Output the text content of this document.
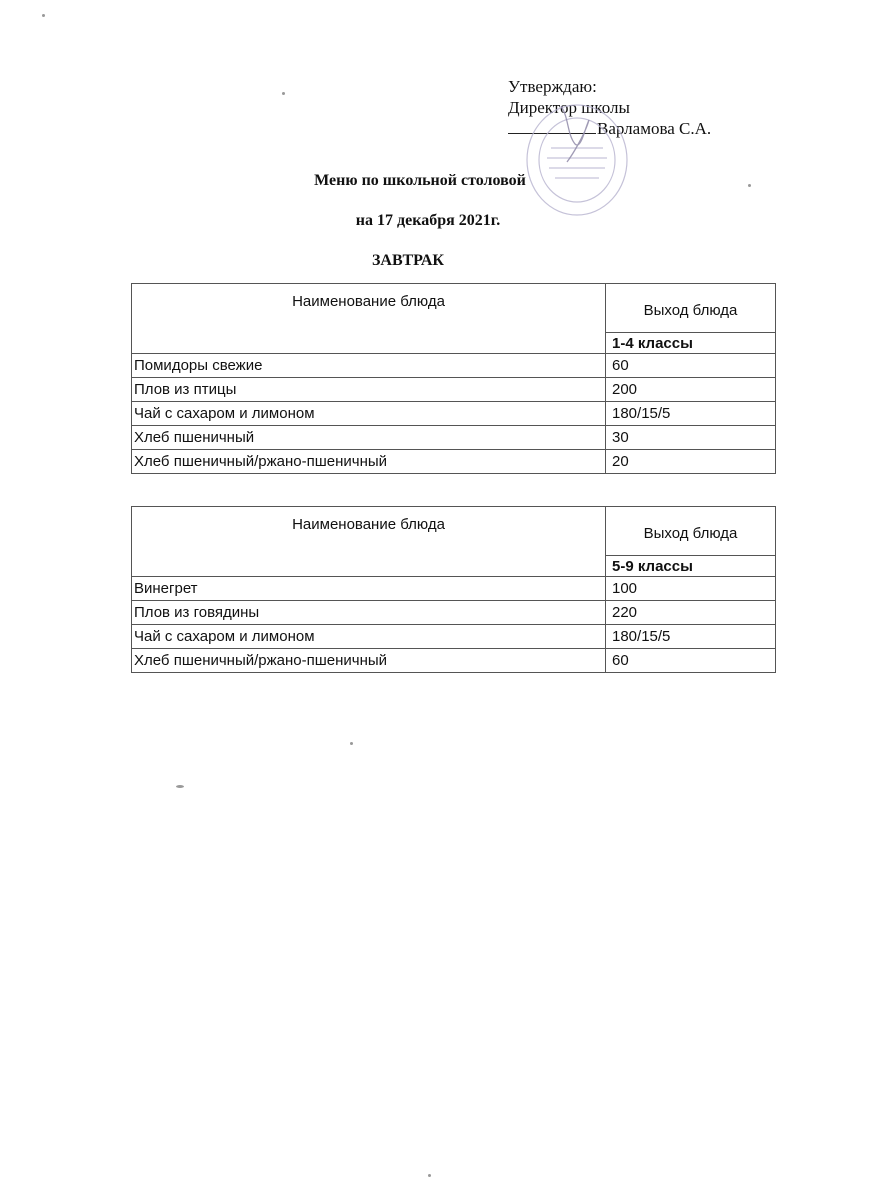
Утверждаю:
Директор школы
Варламова С.А.
Меню по школьной столовой
на 17 декабря 2021г.
ЗАВТРАК
Наименование блюда	Выход блюда
	1-4 классы
Помидоры свежие	60
Плов из птицы	200
Чай с сахаром и лимоном	180/15/5
Хлеб пшеничный	30
Хлеб пшеничный/ржано-пшеничный	20
Наименование блюда	Выход блюда
	5-9 классы
Винегрет	100
Плов из говядины	220
Чай с сахаром и лимоном	180/15/5
Хлеб пшеничный/ржано-пшеничный	60
